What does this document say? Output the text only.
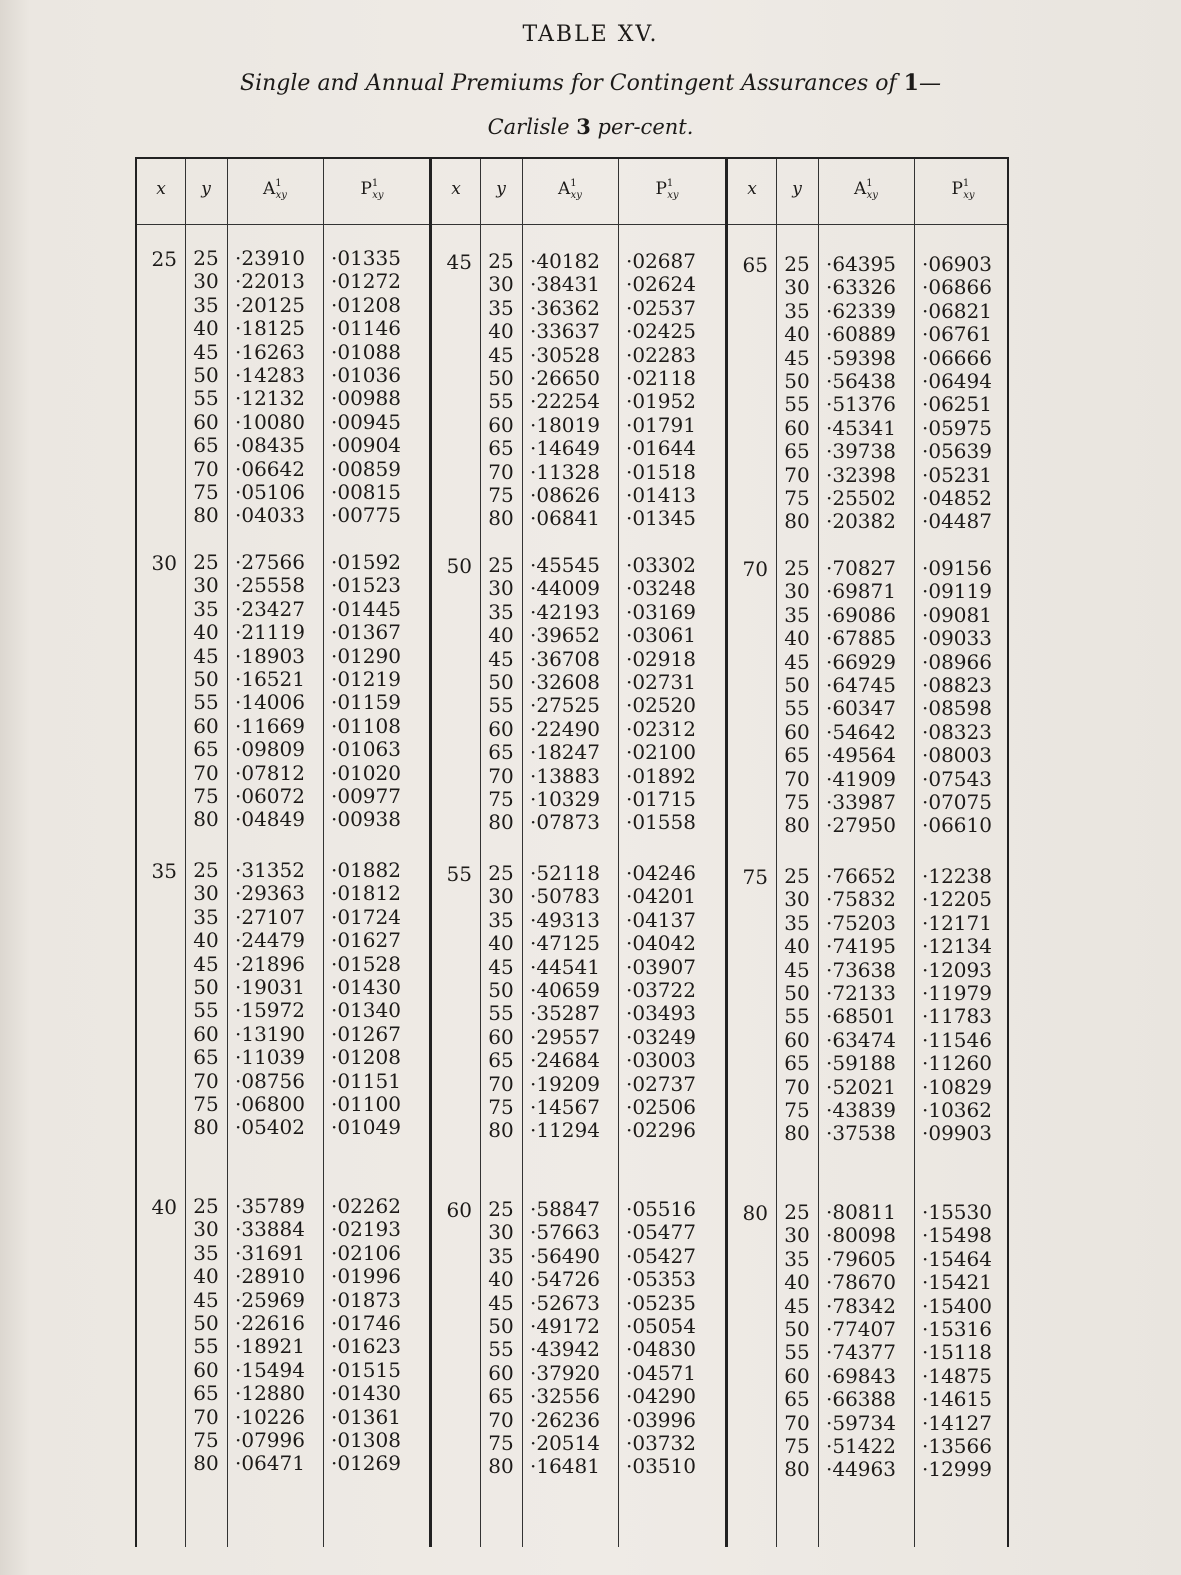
TABLE XV.
Single and Annual Premiums for Contingent Assurances of 1—
Carlisle 3 per-cent.
x	y	$A^1_{xy}$	$P^1_{xy}$
25 25 ·23910 ·01335
30 ·22013 ·01272
35 ·20125 ·01208
40 ·18125 ·01146
45 ·16263 ·01088
50 ·14283 ·01036
55 ·12132 ·00988
60 ·10080 ·00945
65 ·08435 ·00904
70 ·06642 ·00859
75 ·05106 ·00815
80 ·04033 ·00775
30 25 ·27566 ·01592
30 ·25558 ·01523
35 ·23427 ·01445
40 ·21119 ·01367
45 ·18903 ·01290
50 ·16521 ·01219
55 ·14006 ·01159
60 ·11669 ·01108
65 ·09809 ·01063
70 ·07812 ·01020
75 ·06072 ·00977
80 ·04849 ·00938
35 25 ·31352 ·01882
30 ·29363 ·01812
35 ·27107 ·01724
40 ·24479 ·01627
45 ·21896 ·01528
50 ·19031 ·01430
55 ·15972 ·01340
60 ·13190 ·01267
65 ·11039 ·01208
70 ·08756 ·01151
75 ·06800 ·01100
80 ·05402 ·01049
40 25 ·35789 ·02262
30 ·33884 ·02193
35 ·31691 ·02106
40 ·28910 ·01996
45 ·25969 ·01873
50 ·22616 ·01746
55 ·18921 ·01623
60 ·15494 ·01515
65 ·12880 ·01430
70 ·10226 ·01361
75 ·07996 ·01308
80 ·06471 ·01269
x	y	$A^1_{xy}$	$P^1_{xy}$
45 25 ·40182 ·02687
30 ·38431 ·02624
35 ·36362 ·02537
40 ·33637 ·02425
45 ·30528 ·02283
50 ·26650 ·02118
55 ·22254 ·01952
60 ·18019 ·01791
65 ·14649 ·01644
70 ·11328 ·01518
75 ·08626 ·01413
80 ·06841 ·01345
50 25 ·45545 ·03302
30 ·44009 ·03248
35 ·42193 ·03169
40 ·39652 ·03061
45 ·36708 ·02918
50 ·32608 ·02731
55 ·27525 ·02520
60 ·22490 ·02312
65 ·18247 ·02100
70 ·13883 ·01892
75 ·10329 ·01715
80 ·07873 ·01558
55 25 ·52118 ·04246
30 ·50783 ·04201
35 ·49313 ·04137
40 ·47125 ·04042
45 ·44541 ·03907
50 ·40659 ·03722
55 ·35287 ·03493
60 ·29557 ·03249
65 ·24684 ·03003
70 ·19209 ·02737
75 ·14567 ·02506
80 ·11294 ·02296
60 25 ·58847 ·05516
30 ·57663 ·05477
35 ·56490 ·05427
40 ·54726 ·05353
45 ·52673 ·05235
50 ·49172 ·05054
55 ·43942 ·04830
60 ·37920 ·04571
65 ·32556 ·04290
70 ·26236 ·03996
75 ·20514 ·03732
80 ·16481 ·03510
x	y	$A^1_{xy}$	$P^1_{xy}$
65 25 ·64395 ·06903
30 ·63326 ·06866
35 ·62339 ·06821
40 ·60889 ·06761
45 ·59398 ·06666
50 ·56438 ·06494
55 ·51376 ·06251
60 ·45341 ·05975
65 ·39738 ·05639
70 ·32398 ·05231
75 ·25502 ·04852
80 ·20382 ·04487
70 25 ·70827 ·09156
30 ·69871 ·09119
35 ·69086 ·09081
40 ·67885 ·09033
45 ·66929 ·08966
50 ·64745 ·08823
55 ·60347 ·08598
60 ·54642 ·08323
65 ·49564 ·08003
70 ·41909 ·07543
75 ·33987 ·07075
80 ·27950 ·06610
75 25 ·76652 ·12238
30 ·75832 ·12205
35 ·75203 ·12171
40 ·74195 ·12134
45 ·73638 ·12093
50 ·72133 ·11979
55 ·68501 ·11783
60 ·63474 ·11546
65 ·59188 ·11260
70 ·52021 ·10829
75 ·43839 ·10362
80 ·37538 ·09903
80 25 ·80811 ·15530
30 ·80098 ·15498
35 ·79605 ·15464
40 ·78670 ·15421
45 ·78342 ·15400
50 ·77407 ·15316
55 ·74377 ·15118
60 ·69843 ·14875
65 ·66388 ·14615
70 ·59734 ·14127
75 ·51422 ·13566
80 ·44963 ·12999
